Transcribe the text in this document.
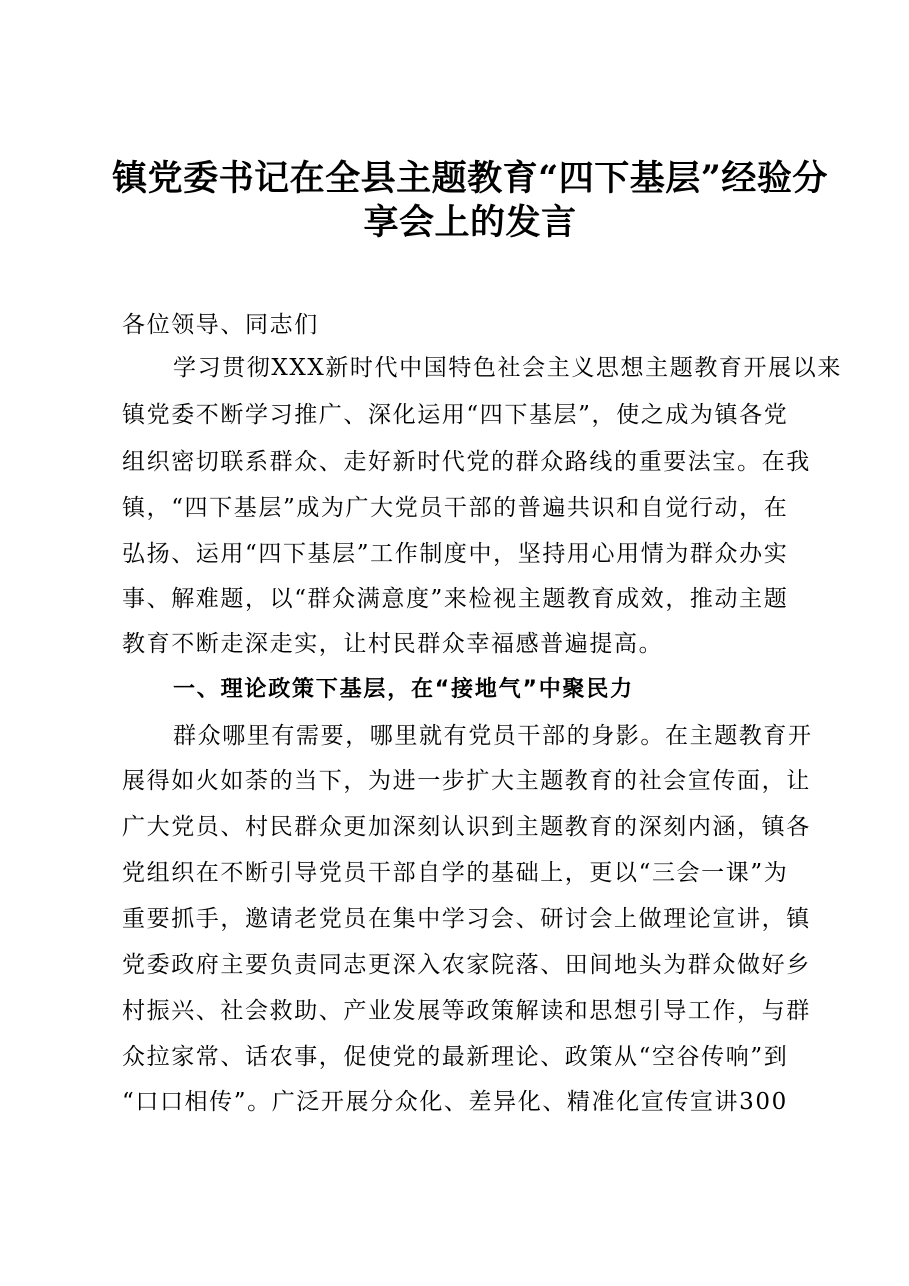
镇党委书记在全县主题教育“四下基层”经验分
享会上的发言
各位领导、同志们
学习贯彻XXX新时代中国特色社会主义思想主题教育开展以来
镇党委不断学习推广、深化运用“四下基层”，使之成为镇各党
组织密切联系群众、走好新时代党的群众路线的重要法宝。在我
镇，“四下基层”成为广大党员干部的普遍共识和自觉行动，在
弘扬、运用“四下基层”工作制度中，坚持用心用情为群众办实
事、解难题，以“群众满意度”来检视主题教育成效，推动主题
教育不断走深走实，让村民群众幸福感普遍提高。
一、理论政策下基层，在“接地气”中聚民力
群众哪里有需要，哪里就有党员干部的身影。在主题教育开
展得如火如荼的当下，为进一步扩大主题教育的社会宣传面，让
广大党员、村民群众更加深刻认识到主题教育的深刻内涵，镇各
党组织在不断引导党员干部自学的基础上，更以“三会一课”为
重要抓手，邀请老党员在集中学习会、研讨会上做理论宣讲，镇
党委政府主要负责同志更深入农家院落、田间地头为群众做好乡
村振兴、社会救助、产业发展等政策解读和思想引导工作，与群
众拉家常、话农事，促使党的最新理论、政策从“空谷传响”到
“口口相传”。广泛开展分众化、差异化、精准化宣传宣讲300
